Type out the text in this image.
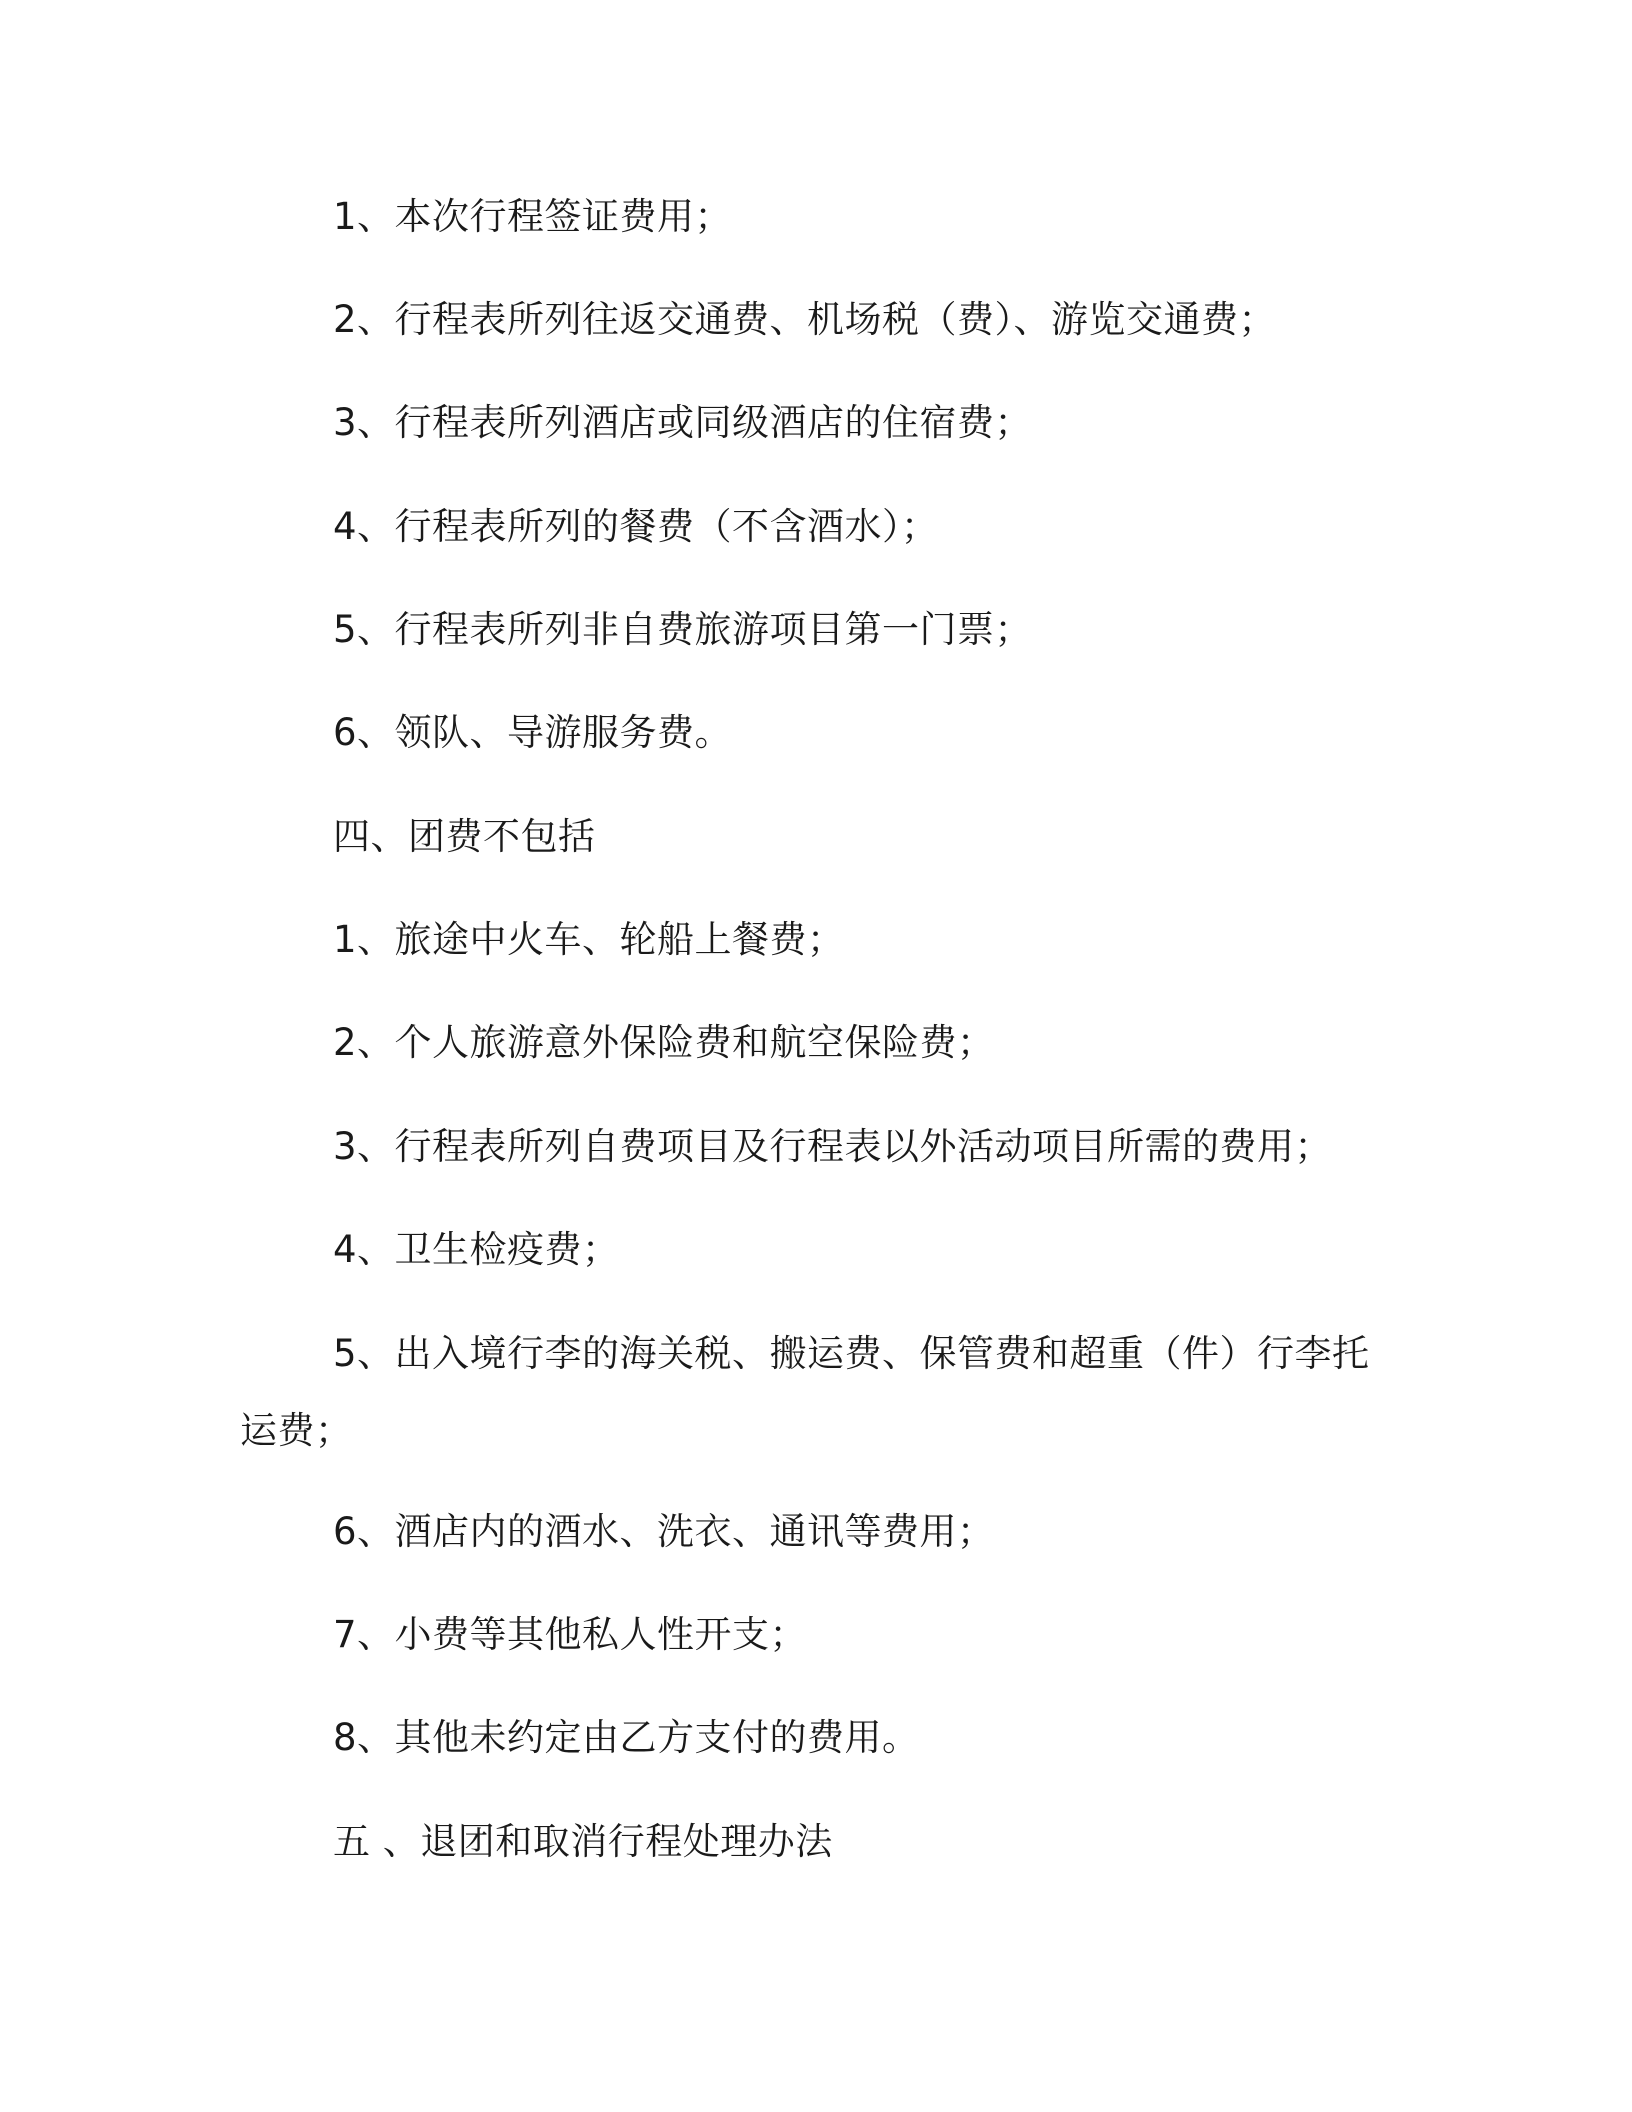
1、本次行程签证费用；
2、行程表所列往返交通费、机场税（费）、游览交通费；
3、行程表所列酒店或同级酒店的住宿费；
4、行程表所列的餐费（不含酒水）；
5、行程表所列非自费旅游项目第一门票；
6、领队、导游服务费。
四、团费不包括
1、旅途中火车、轮船上餐费；
2、个人旅游意外保险费和航空保险费；
3、行程表所列自费项目及行程表以外活动项目所需的费用；
4、卫生检疫费；
5、出入境行李的海关税、搬运费、保管费和超重（件）行李托运费；
6、酒店内的酒水、洗衣、通讯等费用；
7、小费等其他私人性开支；
8、其他未约定由乙方支付的费用。
五 、退团和取消行程处理办法
